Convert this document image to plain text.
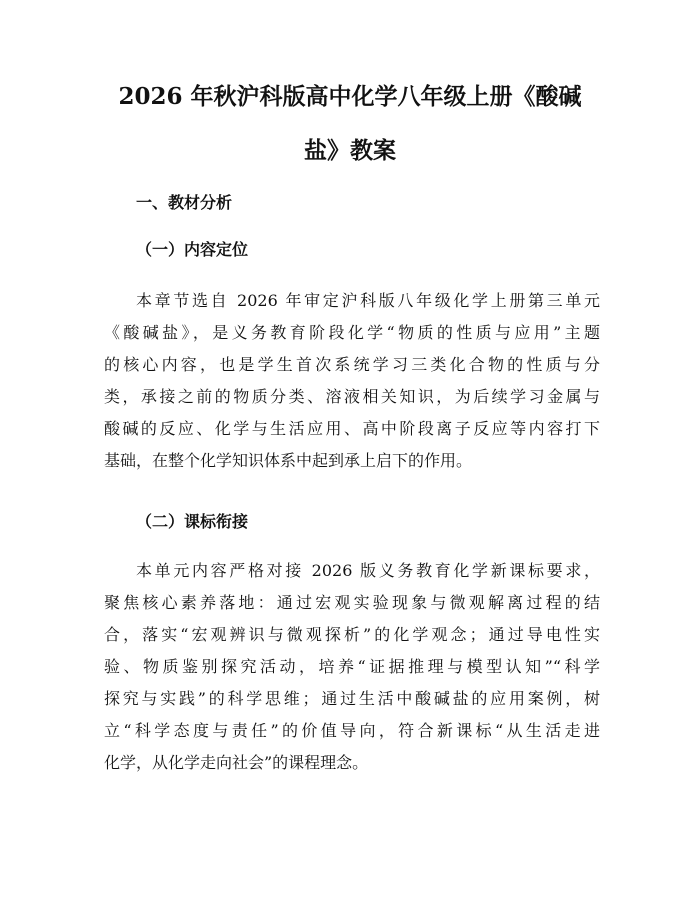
2026 年秋沪科版高中化学八年级上册《酸碱
盐》教案
一、教材分析
（一）内容定位
本章节选自 2026 年审定沪科版八年级化学上册第三单元
《酸碱盐》，是义务教育阶段化学“物质的性质与应用”主题
的核心内容，也是学生首次系统学习三类化合物的性质与分
类，承接之前的物质分类、溶液相关知识，为后续学习金属与
酸碱的反应、化学与生活应用、高中阶段离子反应等内容打下
基础，在整个化学知识体系中起到承上启下的作用。
（二）课标衔接
本单元内容严格对接 2026 版义务教育化学新课标要求，
聚焦核心素养落地：通过宏观实验现象与微观解离过程的结
合，落实“宏观辨识与微观探析”的化学观念；通过导电性实
验、物质鉴别探究活动，培养“证据推理与模型认知”“科学
探究与实践”的科学思维；通过生活中酸碱盐的应用案例，树
立“科学态度与责任”的价值导向，符合新课标“从生活走进
化学，从化学走向社会”的课程理念。
